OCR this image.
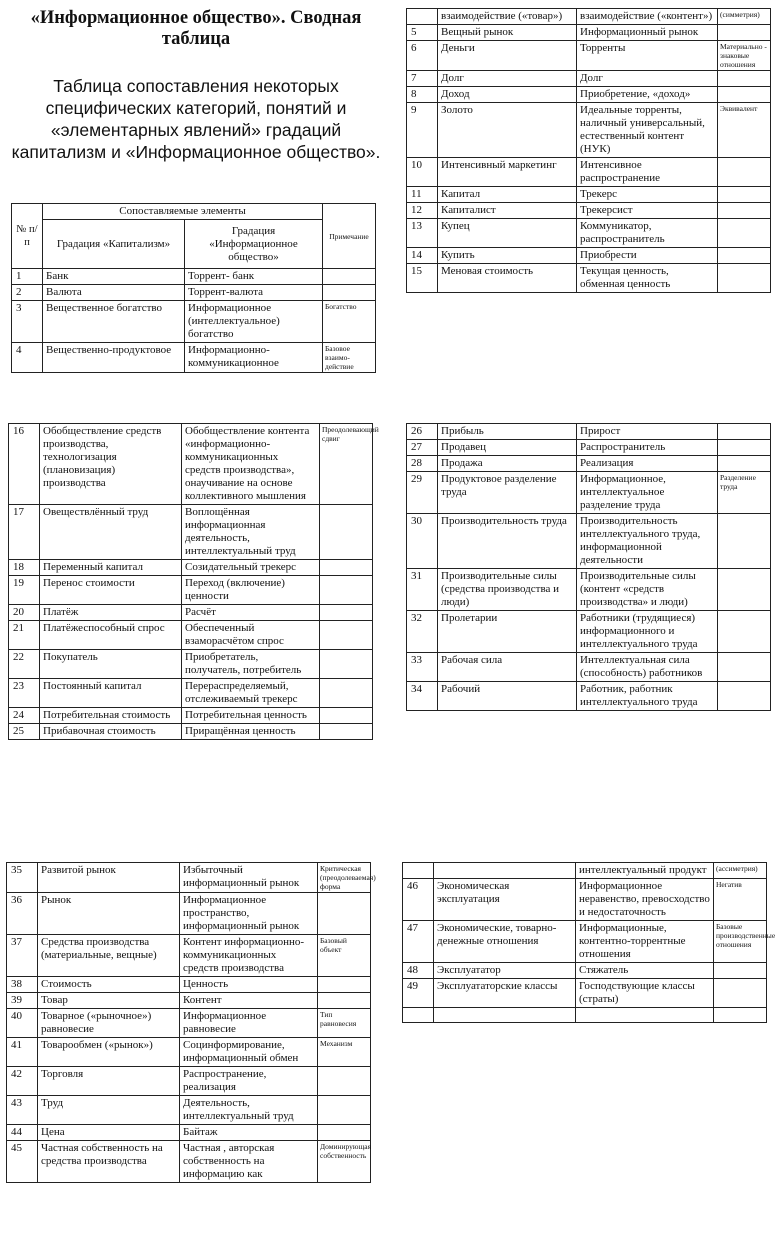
«Информационное общество». Сводная таблица

Таблица сопоставления некоторых специфических категорий, понятий и «элементарных явлений» градаций капитализм и «Информационное общество».

№ п/п	Сопоставляемые элементы		Примечание
	Градация «Капитализм»	Градация «Информационное общество»	
1	Банк	Торрент- банк	
2	Валюта	Торрент-валюта	
3	Вещественное богатство	Информационное (интеллектуальное) богатство	Богатство
4	Вещественно-продуктовое	Информационно-коммуникационное	Базовое взаимо-действие
	взаимодействие («товар»)	взаимодействие («контент»)	(симметрия)
5	Вещный рынок	Информационный рынок	
6	Деньги	Торренты	Материально - знаковые отношения
7	Долг	Долг	
8	Доход	Приобретение, «доход»	
9	Золото	Идеальные торренты, наличный универсальный, естественный контент (НУК)	Эквивалент
10	Интенсивный маркетинг	Интенсивное распространение	
11	Капитал	Трекерс	
12	Капиталист	Трекерсист	
13	Купец	Коммуникатор, распространитель	
14	Купить	Приобрести	
15	Меновая стоимость	Текущая ценность, обменная ценность	
16	Обобществление средств производства, технологизация (плановизация) производства	Обобществление контента «информационно-коммуникационных средств производства», онаучивание на основе коллективного мышления	Преодолевающий сдвиг
17	Овеществлённый труд	Воплощённая информационная деятельность, интеллектуальный труд	
18	Переменный капитал	Созидательный трекерс	
19	Перенос стоимости	Переход (включение) ценности	
20	Платёж	Расчёт	
21	Платёжеспособный спрос	Обеспеченный взаморасчётом спрос	
22	Покупатель	Приобретатель, получатель, потребитель	
23	Постоянный капитал	Перераспределяемый, отслеживаемый трекерс	
24	Потребительная стоимость	Потребительная ценность	
25	Прибавочная стоимость	Приращённая ценность	
26	Прибыль	Прирост	
27	Продавец	Распространитель	
28	Продажа	Реализация	
29	Продуктовое разделение труда	Информационное, интеллектуальное разделение труда	Разделение труда
30	Производительность труда	Производительность интеллектуального труда, информационной деятельности	
31	Производительные силы (средства производства и люди)	Производительные силы (контент «средств производства» и люди)	
32	Пролетарии	Работники (трудящиеся) информационного и интеллектуального труда	
33	Рабочая сила	Интеллектуальная сила (способность) работников	
34	Рабочий	Работник, работник интеллектуального труда	
35	Развитой рынок	Избыточный информационный рынок	Критическая (преодолеваемая) форма
36	Рынок	Информационное пространство, информационный рынок	
37	Средства производства (материальные, вещные)	Контент информационно-коммуникационных средств производства	Базовый объект
38	Стоимость	Ценность	
39	Товар	Контент	
40	Товарное («рыночное») равновесие	Информационное равновесие	Тип равновесия
41	Товарообмен («рынок»)	Социнформирование, информационный обмен	Механизм
42	Торговля	Распространение, реализация	
43	Труд	Деятельность, интеллектуальный труд	
44	Цена	Байтаж	
45	Частная собственность на средства производства	Частная , авторская собственность на информацию как	Доминирующая собственность
		интеллектуальный продукт	(ассиметрия)
46	Экономическая эксплуатация	Информационное неравенство, превосходство и недостаточность	Негатив
47	Экономические, товарно-денежные отношения	Информационные, контентно-торрентные отношения	Базовые производственные отношения
48	Эксплуататор	Стяжатель	
49	Эксплуататорские классы	Господствующие классы (страты)	
